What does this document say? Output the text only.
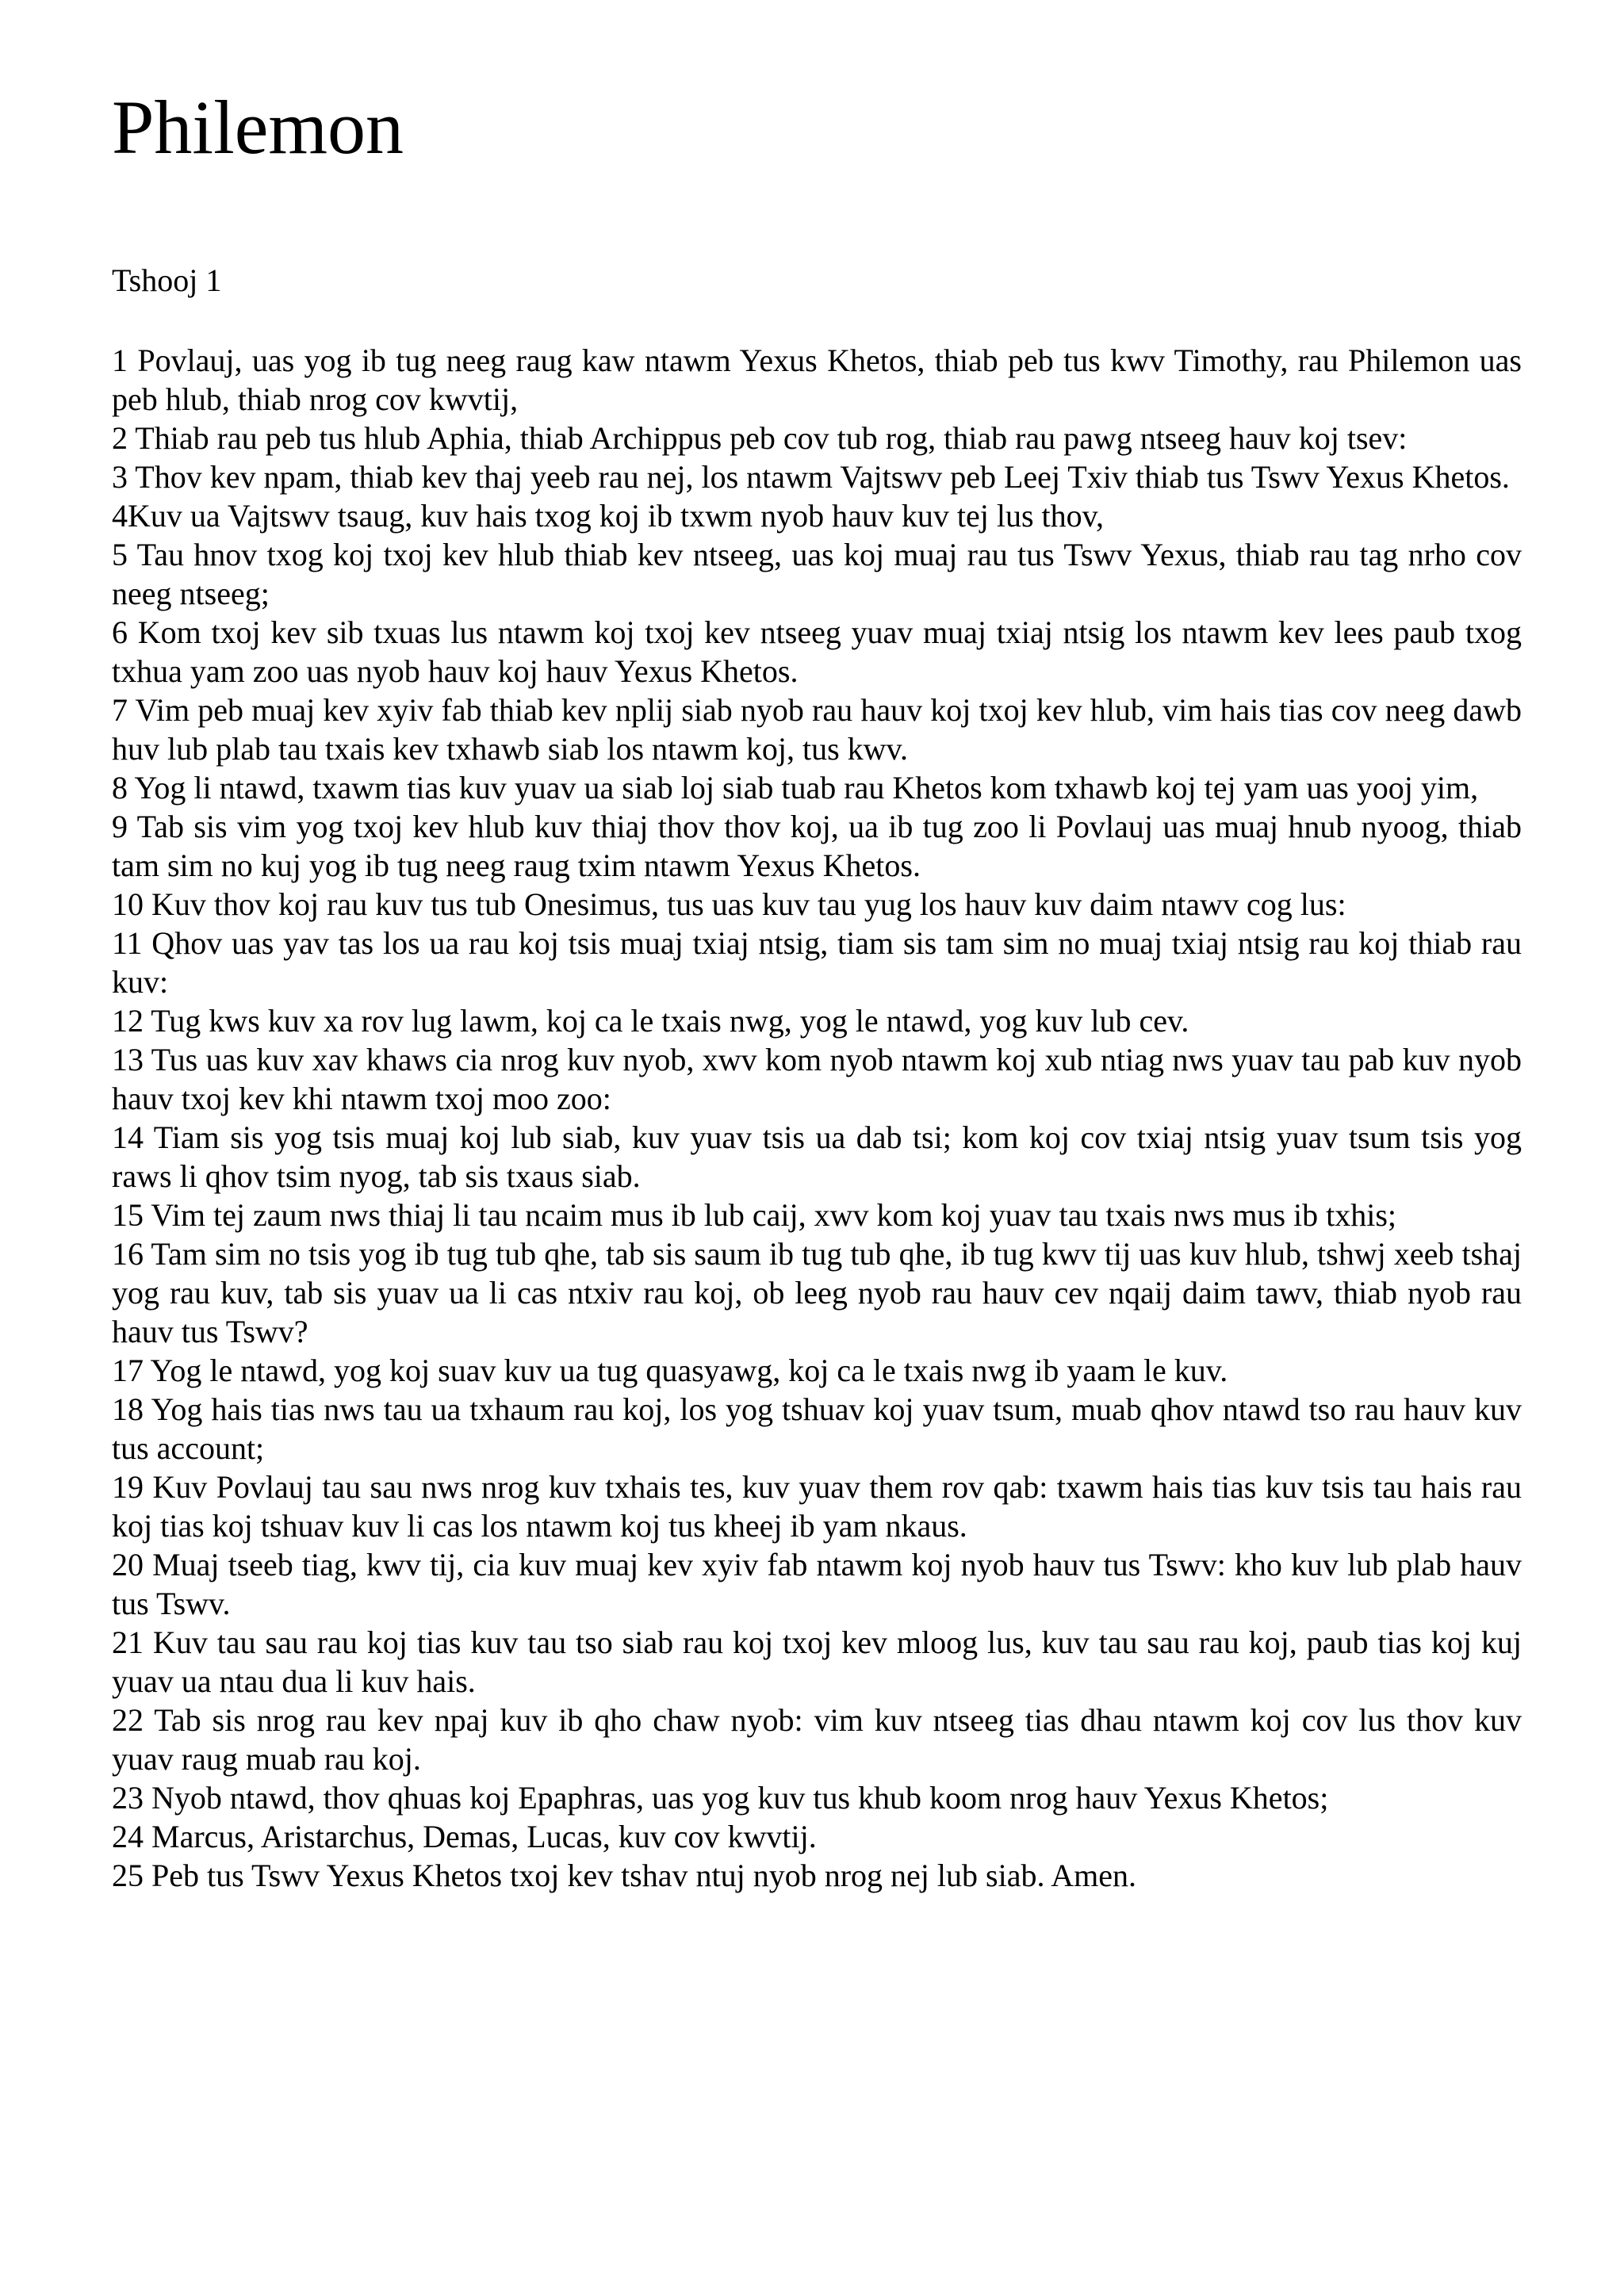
Philemon
Tshooj 1

1 Povlauj, uas yog ib tug neeg raug kaw ntawm Yexus Khetos, thiab peb tus kwv Timothy, rau Philemon uas peb hlub, thiab nrog cov kwvtij,

2 Thiab rau peb tus hlub Aphia, thiab Archippus peb cov tub rog, thiab rau pawg ntseeg hauv koj tsev:

3 Thov kev npam, thiab kev thaj yeeb rau nej, los ntawm Vajtswv peb Leej Txiv thiab tus Tswv Yexus Khetos.

4Kuv ua Vajtswv tsaug, kuv hais txog koj ib txwm nyob hauv kuv tej lus thov,

5 Tau hnov txog koj txoj kev hlub thiab kev ntseeg, uas koj muaj rau tus Tswv Yexus, thiab rau tag nrho cov neeg ntseeg;

6 Kom txoj kev sib txuas lus ntawm koj txoj kev ntseeg yuav muaj txiaj ntsig los ntawm kev lees paub txog txhua yam zoo uas nyob hauv koj hauv Yexus Khetos.

7 Vim peb muaj kev xyiv fab thiab kev nplij siab nyob rau hauv koj txoj kev hlub, vim hais tias cov neeg dawb huv lub plab tau txais kev txhawb siab los ntawm koj, tus kwv.

8 Yog li ntawd, txawm tias kuv yuav ua siab loj siab tuab rau Khetos kom txhawb koj tej yam uas yooj yim,

9 Tab sis vim yog txoj kev hlub kuv thiaj thov thov koj, ua ib tug zoo li Povlauj uas muaj hnub nyoog, thiab tam sim no kuj yog ib tug neeg raug txim ntawm Yexus Khetos.

10 Kuv thov koj rau kuv tus tub Onesimus, tus uas kuv tau yug los hauv kuv daim ntawv cog lus:

11 Qhov uas yav tas los ua rau koj tsis muaj txiaj ntsig, tiam sis tam sim no muaj txiaj ntsig rau koj thiab rau kuv:

12 Tug kws kuv xa rov lug lawm, koj ca le txais nwg, yog le ntawd, yog kuv lub cev.

13 Tus uas kuv xav khaws cia nrog kuv nyob, xwv kom nyob ntawm koj xub ntiag nws yuav tau pab kuv nyob hauv txoj kev khi ntawm txoj moo zoo:

14 Tiam sis yog tsis muaj koj lub siab, kuv yuav tsis ua dab tsi; kom koj cov txiaj ntsig yuav tsum tsis yog raws li qhov tsim nyog, tab sis txaus siab.

15 Vim tej zaum nws thiaj li tau ncaim mus ib lub caij, xwv kom koj yuav tau txais nws mus ib txhis;

16 Tam sim no tsis yog ib tug tub qhe, tab sis saum ib tug tub qhe, ib tug kwv tij uas kuv hlub, tshwj xeeb tshaj yog rau kuv, tab sis yuav ua li cas ntxiv rau koj, ob leeg nyob rau hauv cev nqaij daim tawv, thiab nyob rau hauv tus Tswv?

17 Yog le ntawd, yog koj suav kuv ua tug quasyawg, koj ca le txais nwg ib yaam le kuv.

18 Yog hais tias nws tau ua txhaum rau koj, los yog tshuav koj yuav tsum, muab qhov ntawd tso rau hauv kuv tus account;

19 Kuv Povlauj tau sau nws nrog kuv txhais tes, kuv yuav them rov qab: txawm hais tias kuv tsis tau hais rau koj tias koj tshuav kuv li cas los ntawm koj tus kheej ib yam nkaus.

20 Muaj tseeb tiag, kwv tij, cia kuv muaj kev xyiv fab ntawm koj nyob hauv tus Tswv: kho kuv lub plab hauv tus Tswv.

21 Kuv tau sau rau koj tias kuv tau tso siab rau koj txoj kev mloog lus, kuv tau sau rau koj, paub tias koj kuj yuav ua ntau dua li kuv hais.

22 Tab sis nrog rau kev npaj kuv ib qho chaw nyob: vim kuv ntseeg tias dhau ntawm koj cov lus thov kuv yuav raug muab rau koj.

23 Nyob ntawd, thov qhuas koj Epaphras, uas yog kuv tus khub koom nrog hauv Yexus Khetos;

24 Marcus, Aristarchus, Demas, Lucas, kuv cov kwvtij.

25 Peb tus Tswv Yexus Khetos txoj kev tshav ntuj nyob nrog nej lub siab. Amen.
